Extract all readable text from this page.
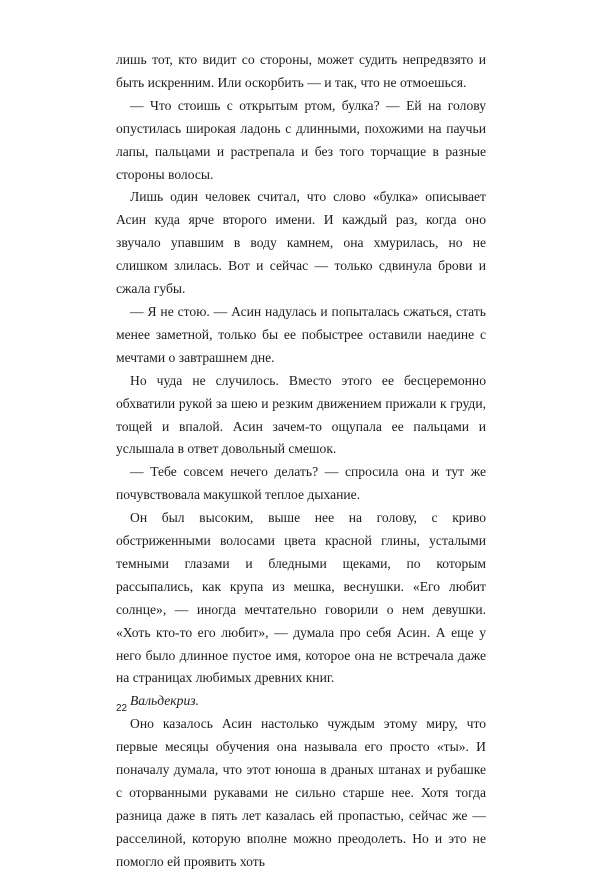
лишь тот, кто видит со стороны, может судить непредвзято и быть искренним. Или оскорбить — и так, что не отмоешься.

— Что стоишь с открытым ртом, булка? — Ей на голову опустилась широкая ладонь с длинными, похожими на паучьи лапы, пальцами и растрепала и без того торчащие в разные стороны волосы.

Лишь один человек считал, что слово «булка» описывает Асин куда ярче второго имени. И каждый раз, когда оно звучало упавшим в воду камнем, она хмурилась, но не слишком злилась. Вот и сейчас — только сдвинула брови и сжала губы.

— Я не стою. — Асин надулась и попыталась сжаться, стать менее заметной, только бы ее побыстрее оставили наедине с мечтами о завтрашнем дне.

Но чуда не случилось. Вместо этого ее бесцеремонно обхватили рукой за шею и резким движением прижали к груди, тощей и впалой. Асин зачем-то ощупала ее пальцами и услышала в ответ довольный смешок.

— Тебе совсем нечего делать? — спросила она и тут же почувствовала макушкой теплое дыхание.

Он был высоким, выше нее на голову, с криво обстриженными волосами цвета красной глины, усталыми темными глазами и бледными щеками, по которым рассыпались, как крупа из мешка, веснушки. «Его любит солнце», — иногда мечтательно говорили о нем девушки. «Хоть кто-то его любит», — думала про себя Асин. А еще у него было длинное пустое имя, которое она не встречала даже на страницах любимых древних книг.

Вальдекриз.

Оно казалось Асин настолько чуждым этому миру, что первые месяцы обучения она называла его просто «ты». И поначалу думала, что этот юноша в драных штанах и рубашке с оторванными рукавами не сильно старше нее. Хотя тогда разница даже в пять лет казалась ей пропастью, сейчас же — расселиной, которую вполне можно преодолеть. Но и это не помогло ей проявить хоть

22
